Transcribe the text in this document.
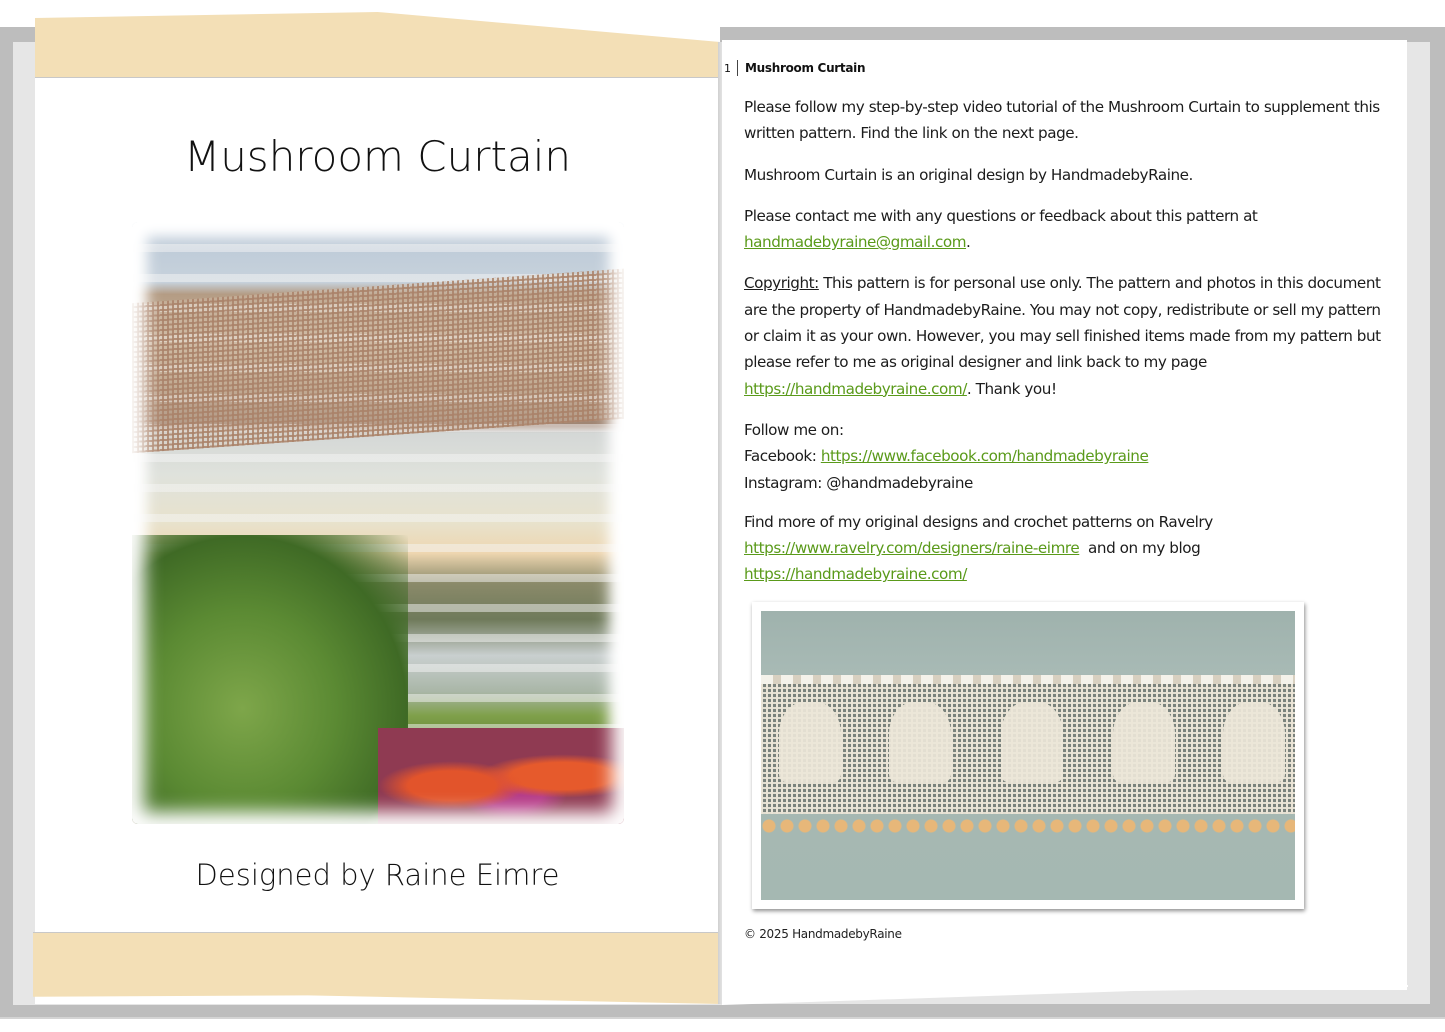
Mushroom Curtain
Designed by Raine Eimre
1	Mushroom Curtain

Please follow my step-by-step video tutorial of the Mushroom Curtain to supplement this written pattern. Find the link on the next page.

Mushroom Curtain is an original design by HandmadebyRaine.

Please contact me with any questions or feedback about this pattern at
handmadebyraine@gmail.com.

Copyright: This pattern is for personal use only. The pattern and photos in this document are the property of HandmadebyRaine. You may not copy, redistribute or sell my pattern or claim it as your own. However, you may sell finished items made from my pattern but please refer to me as original designer and link back to my page https://handmadebyraine.com/. Thank you!

Follow me on:
Facebook: https://www.facebook.com/handmadebyraine
Instagram: @handmadebyraine

Find more of my original designs and crochet patterns on Ravelry
https://www.ravelry.com/designers/raine-eimre  and on my blog
https://handmadebyraine.com/

© 2025 HandmadebyRaine
